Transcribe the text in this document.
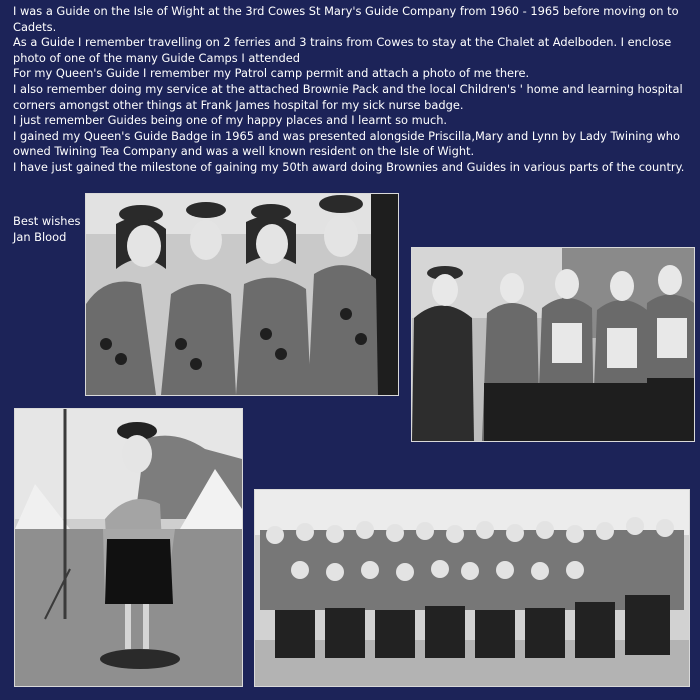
I was a Guide on the Isle of Wight at the 3rd Cowes St Mary's Guide Company from 1960 - 1965 before moving on to Cadets.

As a Guide I remember travelling on 2 ferries and 3 trains from Cowes to stay at the Chalet at Adelboden. I enclose photo of one of the many Guide Camps I attended

For my Queen's Guide I remember my Patrol camp permit and attach a photo of me there.

I also remember doing my service at the attached Brownie Pack and the local Children's ' home and learning hospital corners amongst other things at Frank James hospital for my sick nurse badge.

I just remember Guides being one of my happy places and I learnt so much.

I gained my Queen's Guide Badge in 1965 and was presented alongside Priscilla,Mary and Lynn by Lady Twining who owned Twining Tea Company and was a well known resident on the Isle of Wight.

I have just gained the milestone of gaining my 50th award doing Brownies and Guides in various parts of the country.

Best wishes

Jan Blood
